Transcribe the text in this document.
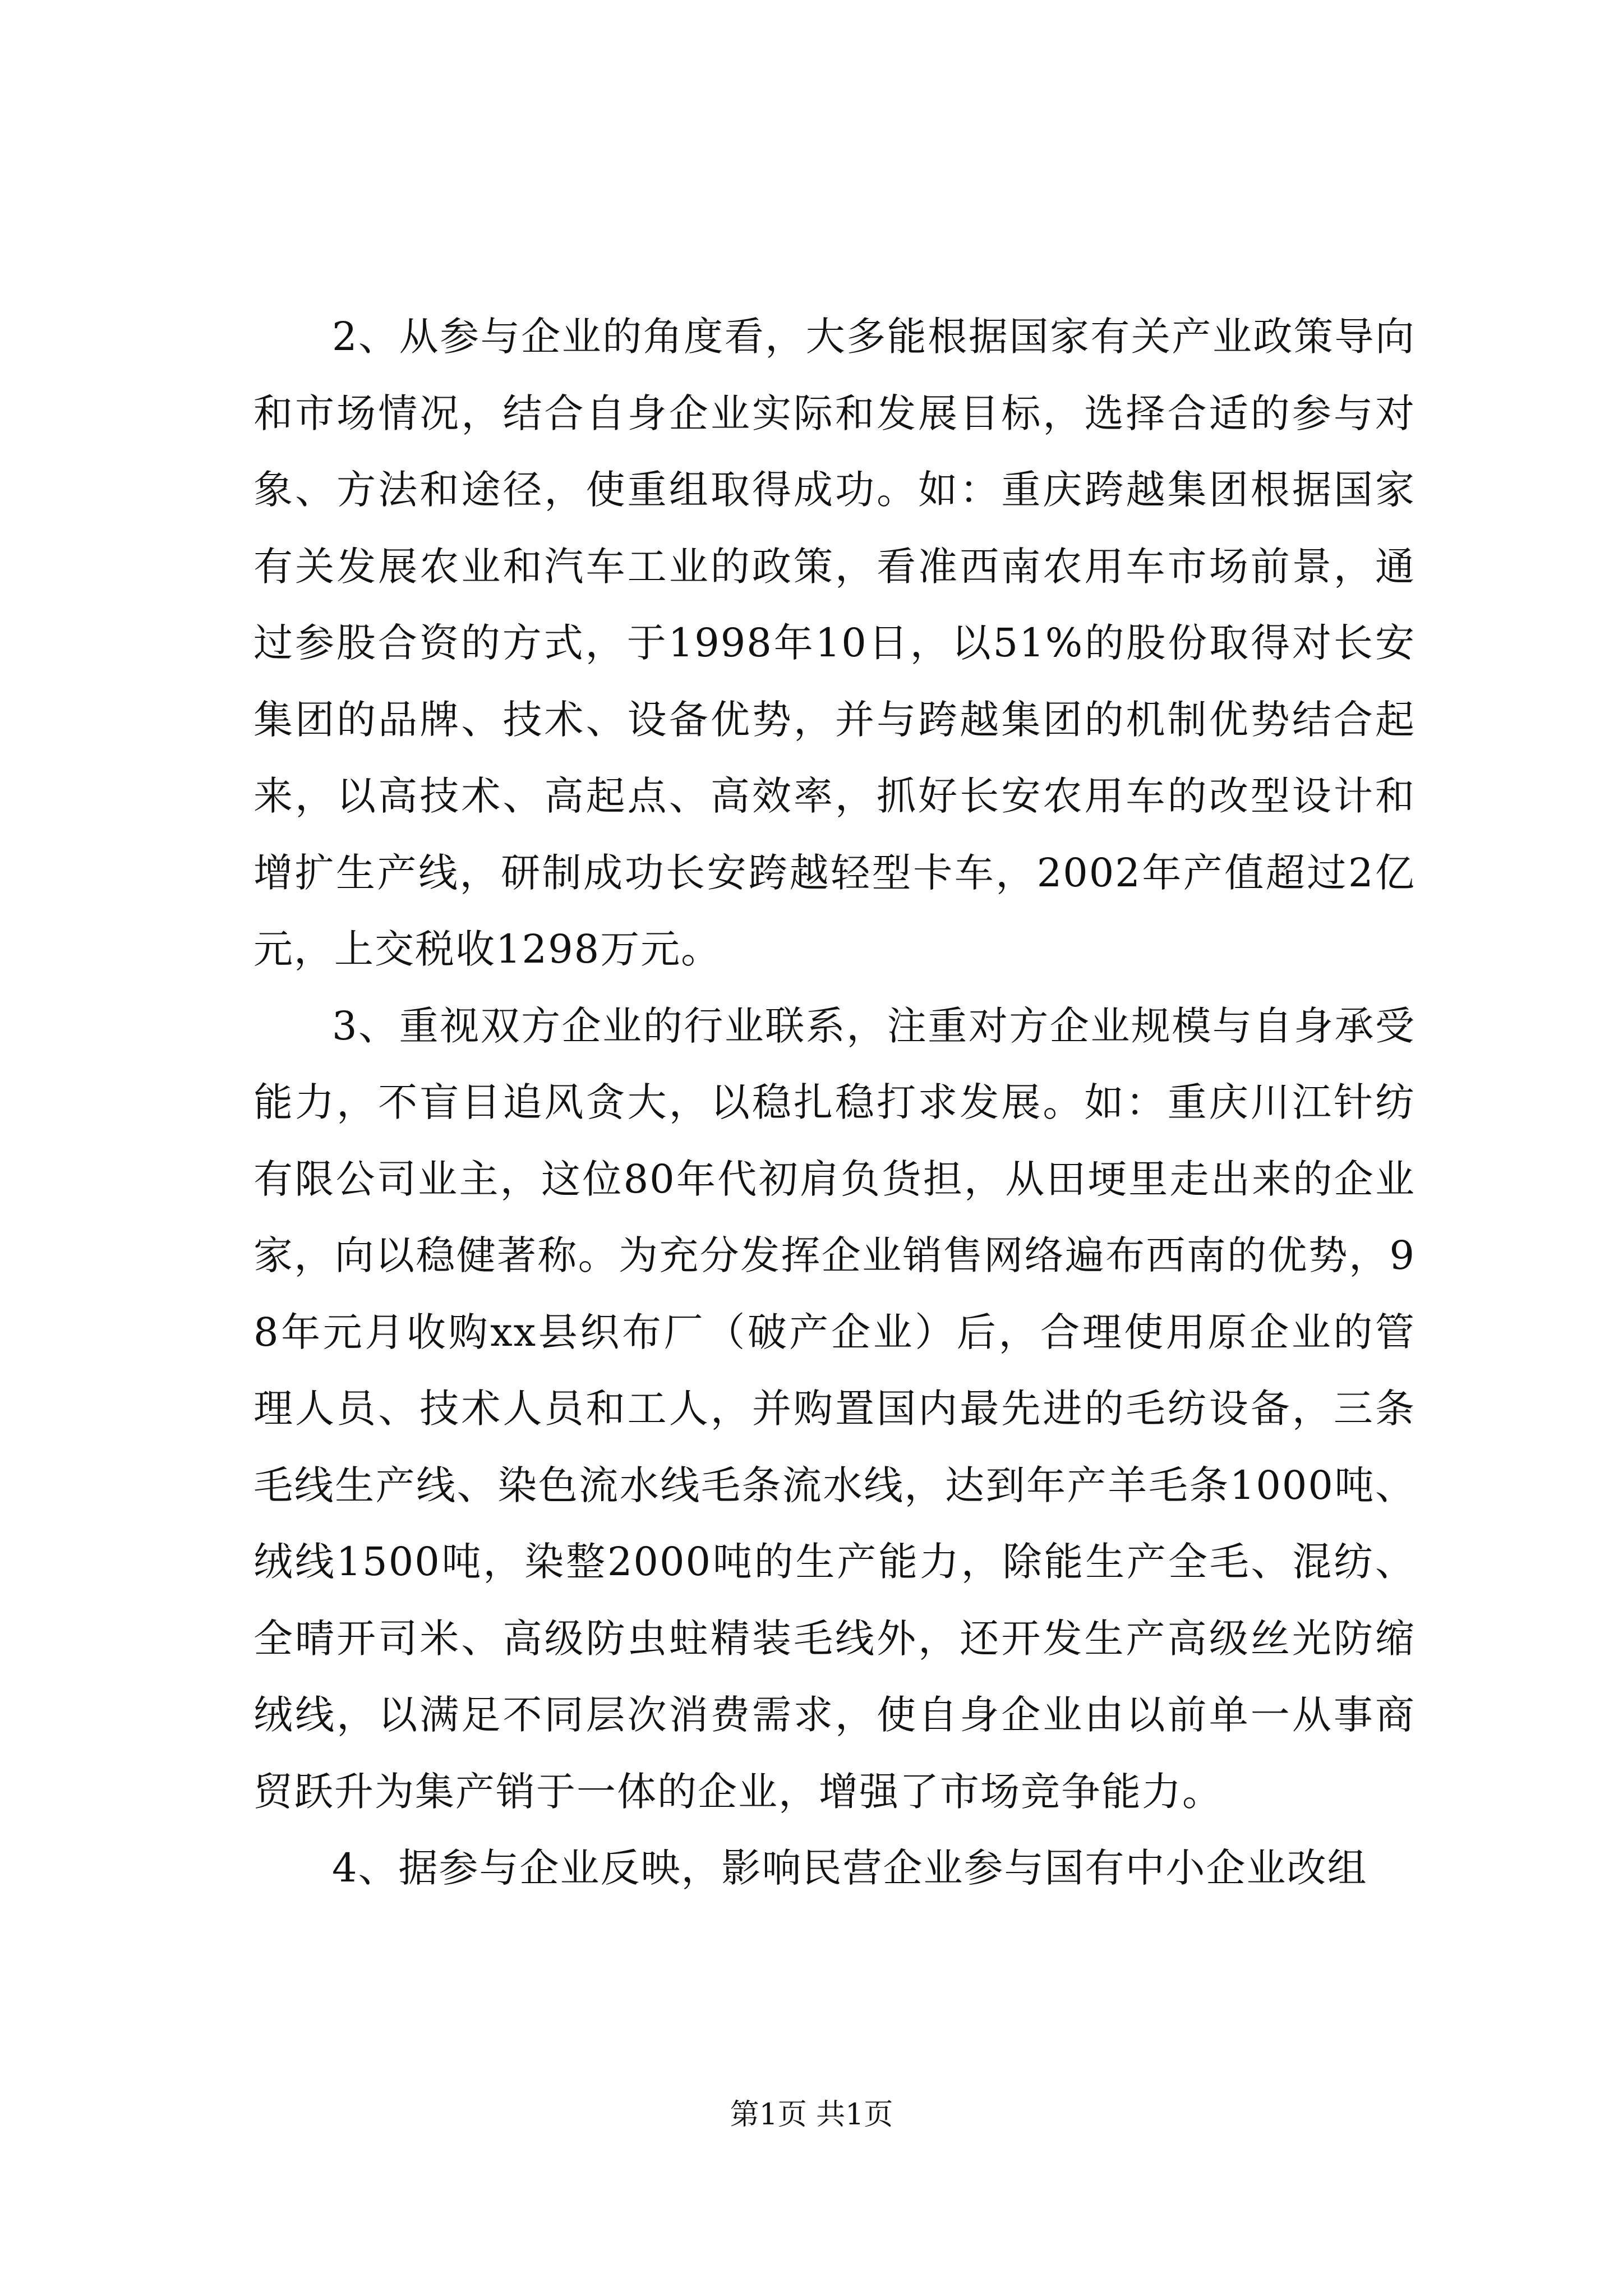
2、从参与企业的角度看，大多能根据国家有关产业政策导向和市场情况，结合自身企业实际和发展目标，选择合适的参与对象、方法和途径，使重组取得成功。如：重庆跨越集团根据国家有关发展农业和汽车工业的政策，看准西南农用车市场前景，通过参股合资的方式，于1998年10日，以51%的股份取得对长安集团的品牌、技术、设备优势，并与跨越集团的机制优势结合起来，以高技术、高起点、高效率，抓好长安农用车的改型设计和增扩生产线，研制成功长安跨越轻型卡车，2002年产值超过2亿元，上交税收1298万元。

3、重视双方企业的行业联系，注重对方企业规模与自身承受能力，不盲目追风贪大，以稳扎稳打求发展。如：重庆川江针纺有限公司业主，这位80年代初肩负货担，从田埂里走出来的企业家，向以稳健著称。为充分发挥企业销售网络遍布西南的优势，98年元月收购xx县织布厂（破产企业）后，合理使用原企业的管理人员、技术人员和工人，并购置国内最先进的毛纺设备，三条毛线生产线、染色流水线毛条流水线，达到年产羊毛条1000吨、绒线1500吨，染整2000吨的生产能力，除能生产全毛、混纺、全晴开司米、高级防虫蛀精装毛线外，还开发生产高级丝光防缩绒线，以满足不同层次消费需求，使自身企业由以前单一从事商贸跃升为集产销于一体的企业，增强了市场竞争能力。

4、据参与企业反映，影响民营企业参与国有中小企业改组

第1页 共1页
